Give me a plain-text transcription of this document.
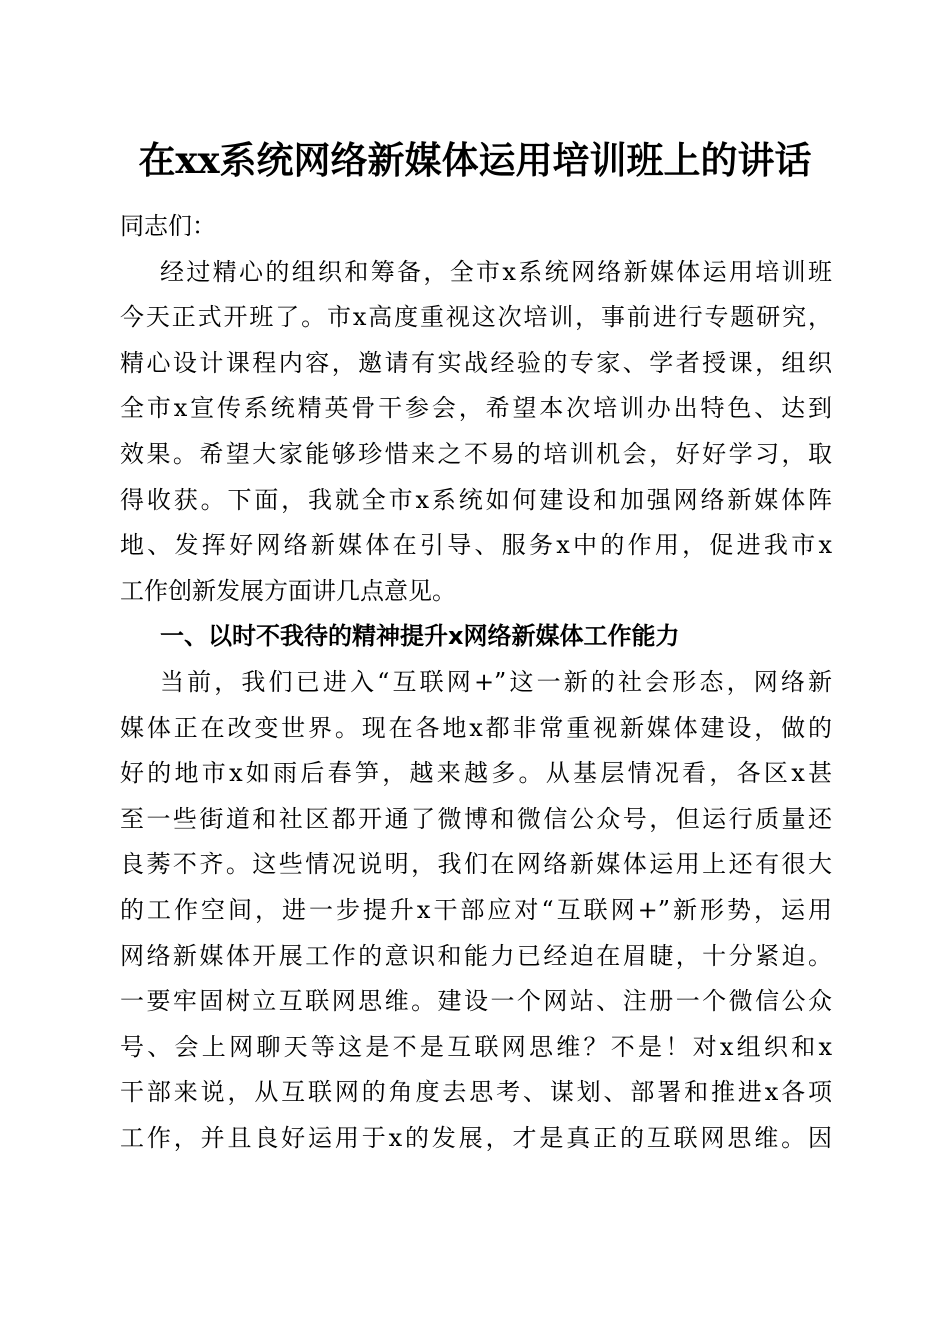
在xx系统网络新媒体运用培训班上的讲话
同志们：
经过精心的组织和筹备，全市x系统网络新媒体运用培训班
今天正式开班了。市x高度重视这次培训，事前进行专题研究，
精心设计课程内容，邀请有实战经验的专家、学者授课，组织
全市x宣传系统精英骨干参会，希望本次培训办出特色、达到
效果。希望大家能够珍惜来之不易的培训机会，好好学习，取
得收获。下面，我就全市x系统如何建设和加强网络新媒体阵
地、发挥好网络新媒体在引导、服务x中的作用，促进我市x
工作创新发展方面讲几点意见。
一、以时不我待的精神提升x网络新媒体工作能力
当前，我们已进入“互联网+”这一新的社会形态，网络新
媒体正在改变世界。现在各地x都非常重视新媒体建设，做的
好的地市x如雨后春笋，越来越多。从基层情况看，各区x甚
至一些街道和社区都开通了微博和微信公众号，但运行质量还
良莠不齐。这些情况说明，我们在网络新媒体运用上还有很大
的工作空间，进一步提升x干部应对“互联网+”新形势，运用
网络新媒体开展工作的意识和能力已经迫在眉睫，十分紧迫。
一要牢固树立互联网思维。建设一个网站、注册一个微信公众
号、会上网聊天等这是不是互联网思维？不是！对x组织和x
干部来说，从互联网的角度去思考、谋划、部署和推进x各项
工作，并且良好运用于x的发展，才是真正的互联网思维。因
